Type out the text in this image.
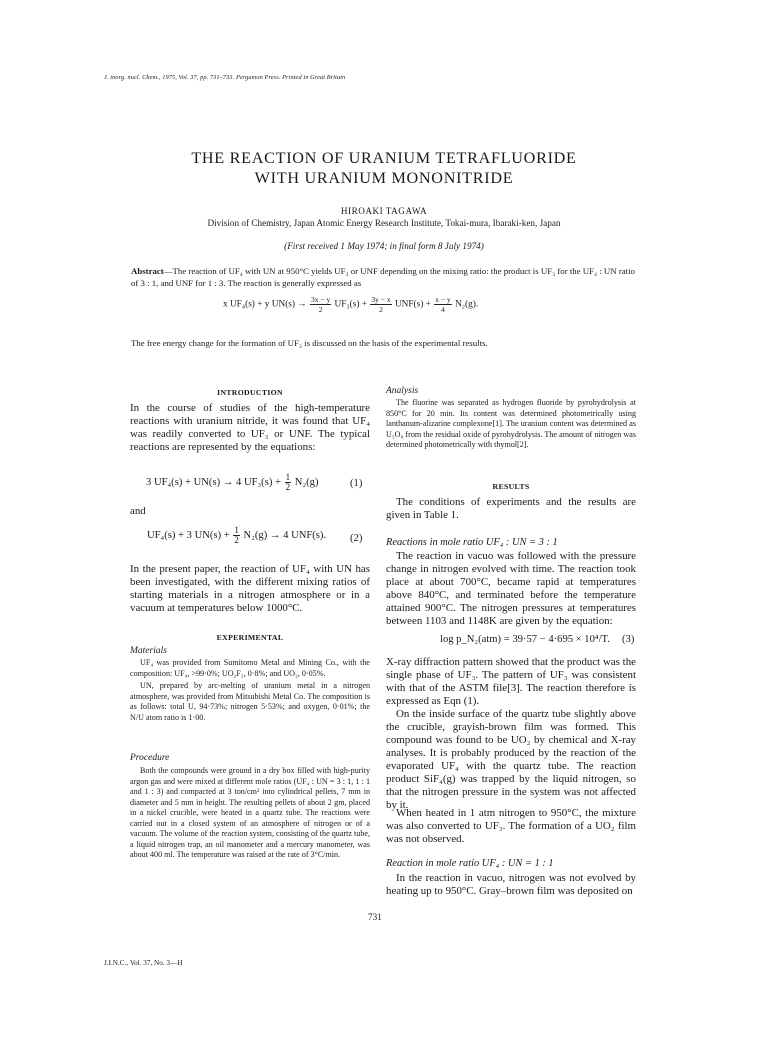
J. inorg. nucl. Chem., 1975, Vol. 37, pp. 731–733. Pergamon Press. Printed in Great Britain
THE REACTION OF URANIUM TETRAFLUORIDE
WITH URANIUM MONONITRIDE
HIROAKI TAGAWA
Division of Chemistry, Japan Atomic Energy Research Institute, Tokai-mura, Ibaraki-ken, Japan
(First received 1 May 1974; in final form 8 July 1974)
Abstract—The reaction of UF₄ with UN at 950°C yields UF₃ or UNF depending on the mixing ratio: the product is UF₃ for the UF₄ : UN ratio of 3 : 1, and UNF for 1 : 3. The reaction is generally expressed as
x UF₄(s) + y $UN(s) \to \frac{3x - y}{2} UF_3(s) + \frac{3y - x}{2} UNF(s) + \frac{x - y}{4} N_2(g)$.
The free energy change for the formation of UF₃ is discussed on the basis of the experimental results.
INTRODUCTION
In the course of studies of the high-temperature reactions with uranium nitride, it was found that UF₄ was readily converted to UF₃ or UNF. The typical reactions are represented by the equations:
3 UF₄(s) + UN(s) → 4 $UF_3(s) + \frac{1}{2} N_2(g)$	(1)
and
UF₄(s) + 3 $UN(s) + \frac{1}{2} N_2(g) \to 4$ UNF(s). (2)
In the present paper, the reaction of UF₄ with UN has been investigated, with the different mixing ratios of starting materials in a nitrogen atmosphere or in a vacuum at temperatures below 1000°C.
EXPERIMENTAL
Materials

UF₄ was provided from Sumitomo Metal and Mining Co., with the composition: UF₄, >99·0%; UO₂F₂, 0·8%; and UO₂, 0·05%.

UN, prepared by arc-melting of uranium metal in a nitrogen atmosphere, was provided from Mitsubishi Metal Co. The composition is as follows: total U, 94·73%; nitrogen 5·53%; and oxygen, 0·01%; the N/U atom ratio is 1·00.

Procedure

Both the compounds were ground in a dry box filled with high-purity argon gas and were mixed at different mole ratios (UF₄ : UN = 3 : 1, 1 : 1 and 1 : 3) and compacted at 3 ton/cm² into cylindrical pellets, 7 mm in diameter and 5 mm in height. The resulting pellets of about 2 gm, placed in a nickel crucible, were heated in a quartz tube. The reactions were carried out in a closed system of an atmosphere of nitrogen or of a vacuum. The volume of the reaction system, consisting of the quartz tube, a liquid nitrogen trap, an oil manometer and a mercury manometer, was about 400 ml. The temperature was raised at the rate of 3°C/min.

Analysis

The fluorine was separated as hydrogen fluoride by pyrohydrolysis at 850°C for 20 min. Its content was determined photometrically using lanthanum-alizarine complexone[1]. The uranium content was determined as U₃O₈ from the residual oxide of pyrohydrolysis. The amount of nitrogen was determined photometrically with thymol[2].

RESULTS

The conditions of experiments and the results are given in Table 1.

Reactions in mole ratio UF₄ : UN = 3 : 1

The reaction in vacuo was followed with the pressure change in nitrogen evolved with time. The reaction took place at about 700°C, became rapid at temperatures above 840°C, and terminated before the temperature attained 900°C. The nitrogen pressures at temperatures between 1103 and 1148K are given by the equation:

log p_N₂(atm) = 39·57 − 4·695 × 10⁴/T. (3)

X-ray diffraction pattern showed that the product was the single phase of UF₃. The pattern of UF₃ was consistent with that of the ASTM file[3]. The reaction therefore is expressed as Eqn (1).

On the inside surface of the quartz tube slightly above the crucible, grayish-brown film was formed. This compound was found to be UO₂ by chemical and X-ray analyses. It is probably produced by the reaction of the evaporated UF₄ with the quartz tube. The reaction product SiF₄(g) was trapped by the liquid nitrogen, so that the nitrogen pressure in the system was not affected by it.

When heated in 1 atm nitrogen to 950°C, the mixture was also converted to UF₃. The formation of a UO₂ film was not observed.

Reaction in mole ratio UF₄ : UN = 1 : 1

In the reaction in vacuo, nitrogen was not evolved by heating up to 950°C. Gray–brown film was deposited on

731
J.I.N.C., Vol. 37, No. 3—H
